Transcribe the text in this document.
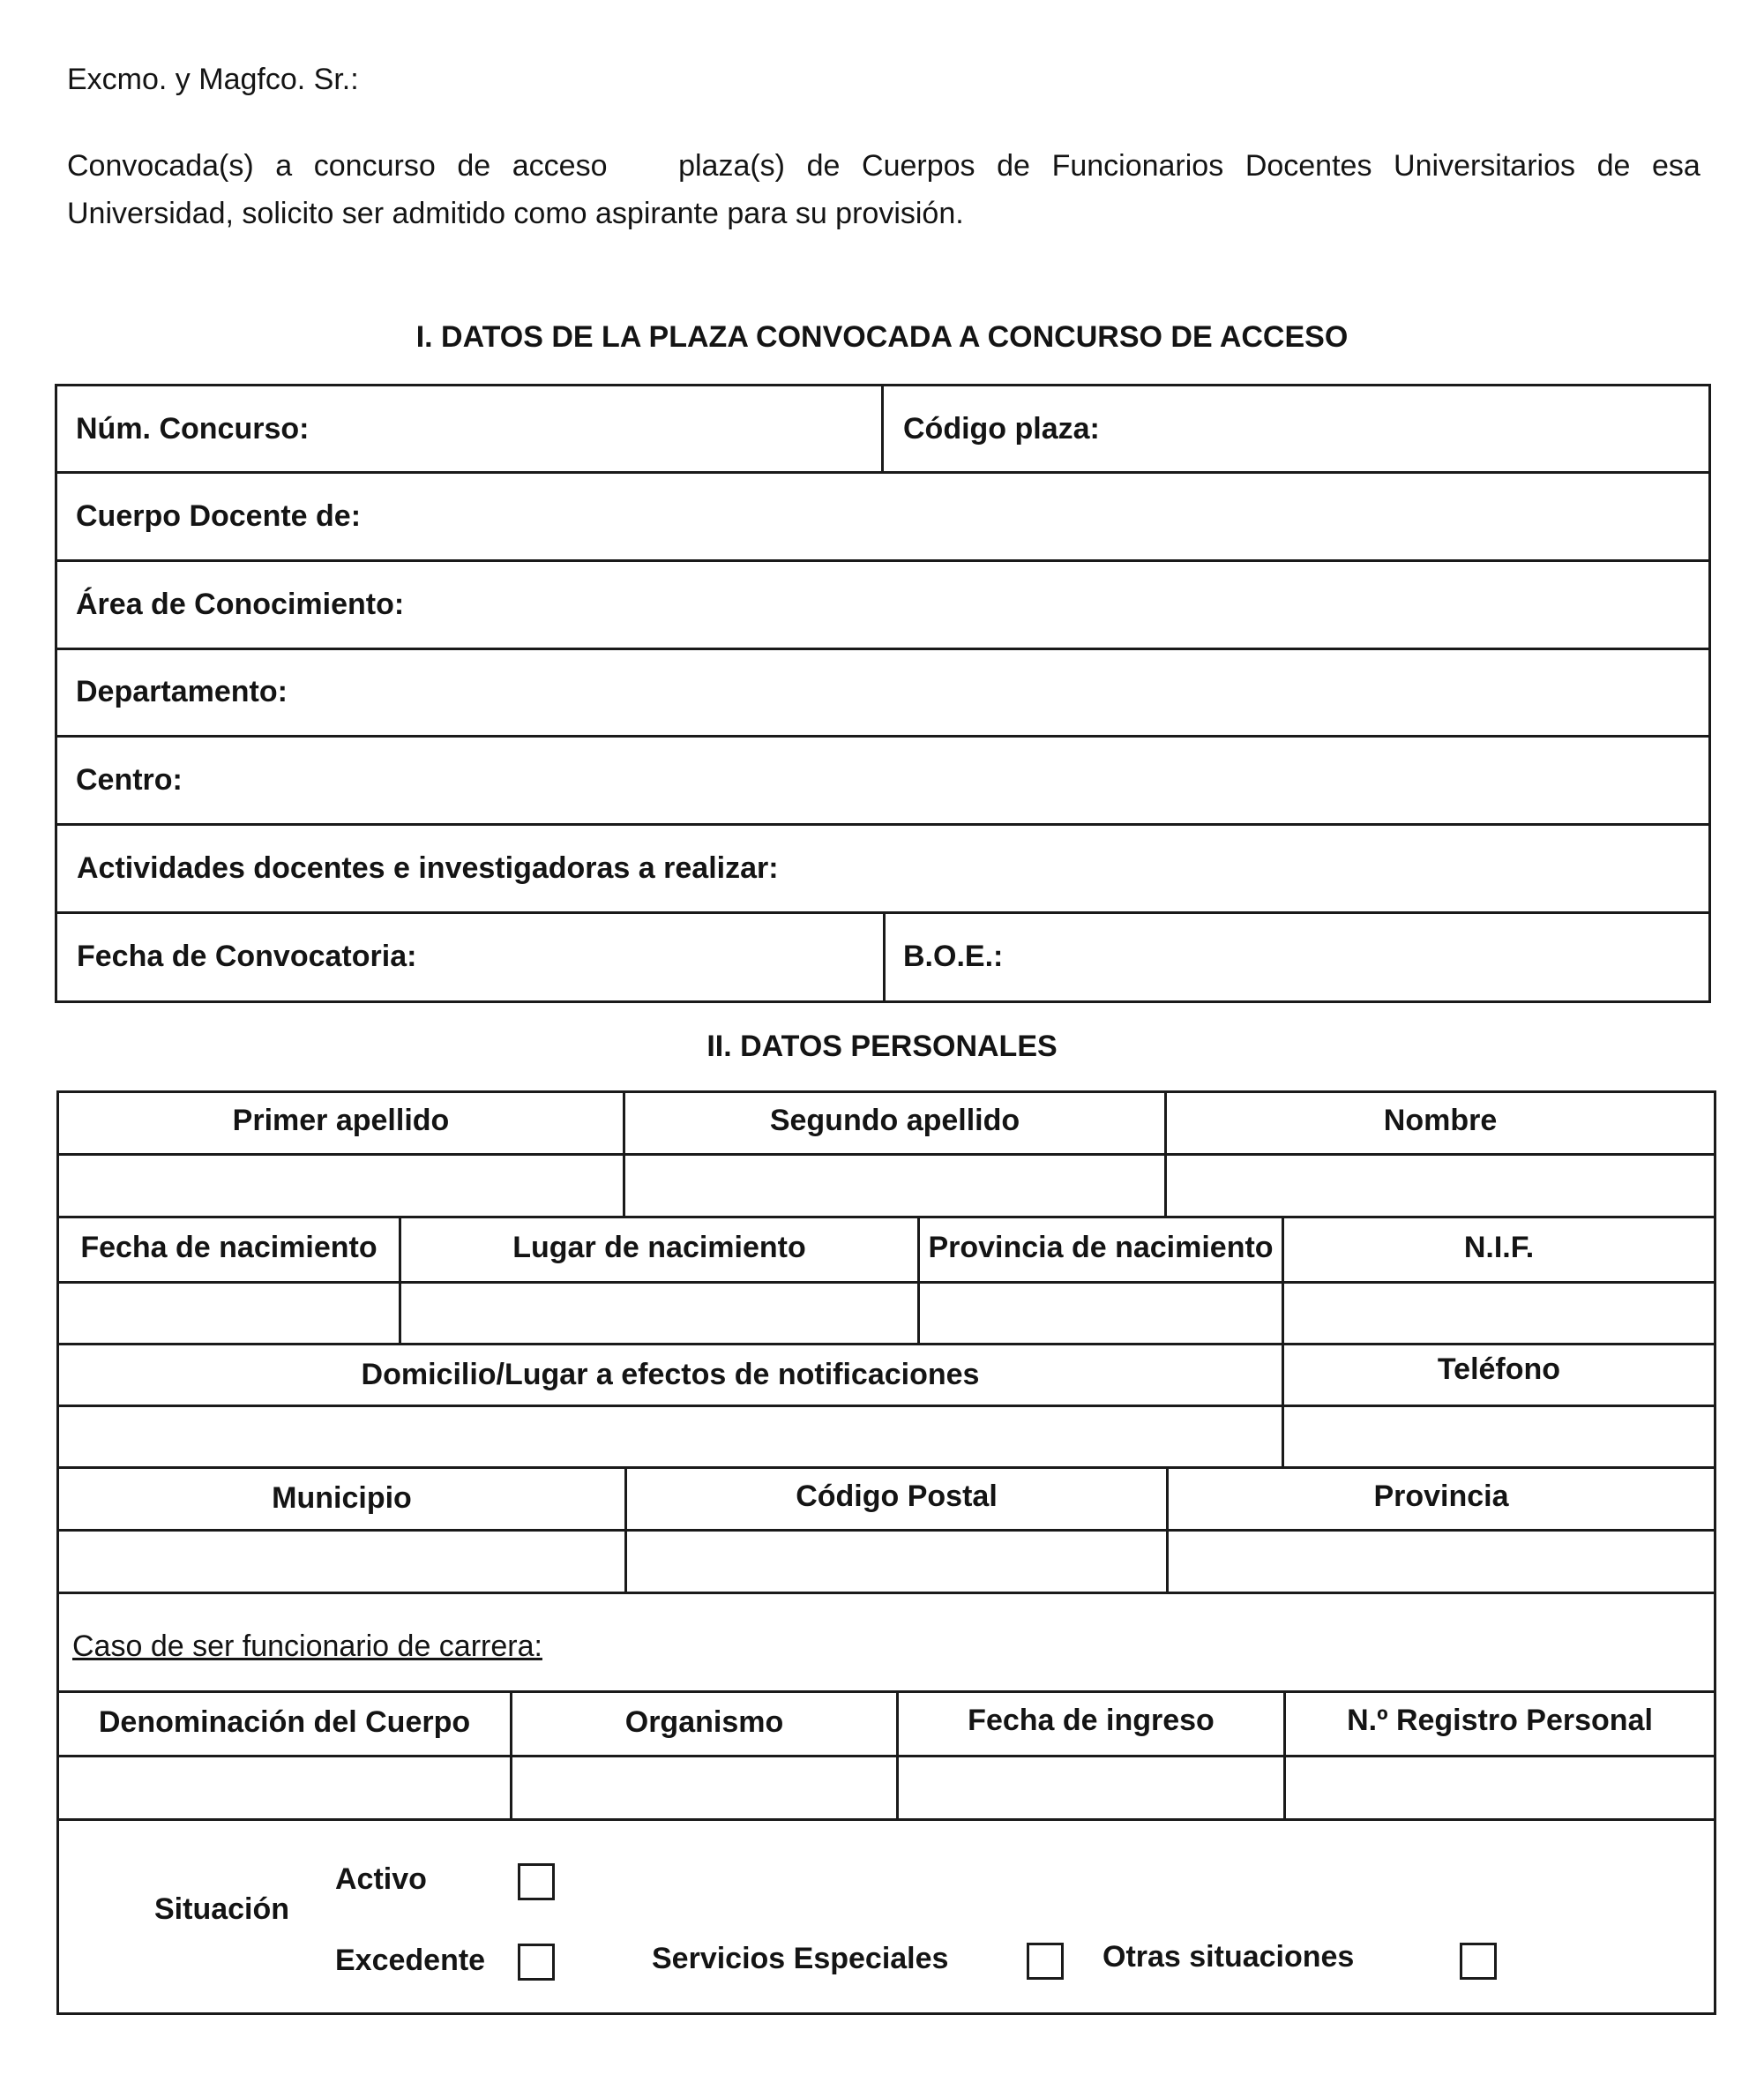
Excmo. y Magfco. Sr.:
Convocada(s) a concurso de acceso plaza(s) de Cuerpos de Funcionarios Docentes Universitarios de esa
Universidad, solicito ser admitido como aspirante para su provisión.
I. DATOS DE LA PLAZA CONVOCADA A CONCURSO DE ACCESO
Núm. Concurso:	Código plaza:
Cuerpo Docente de:
Área de Conocimiento:
Departamento:
Centro:
Actividades docentes e investigadoras a realizar:
Fecha de Convocatoria:	B.O.E.:
II. DATOS PERSONALES
Primer apellido	Segundo apellido	Nombre
Fecha de nacimiento	Lugar de nacimiento	Provincia de nacimiento	N.I.F.
Domicilio/Lugar a efectos de notificaciones	Teléfono
Municipio	Código Postal	Provincia
Caso de ser funcionario de carrera:
Denominación del Cuerpo	Organismo	Fecha de ingreso	N.º Registro Personal
Situación
Activo
Excedente	Servicios Especiales	Otras situaciones
